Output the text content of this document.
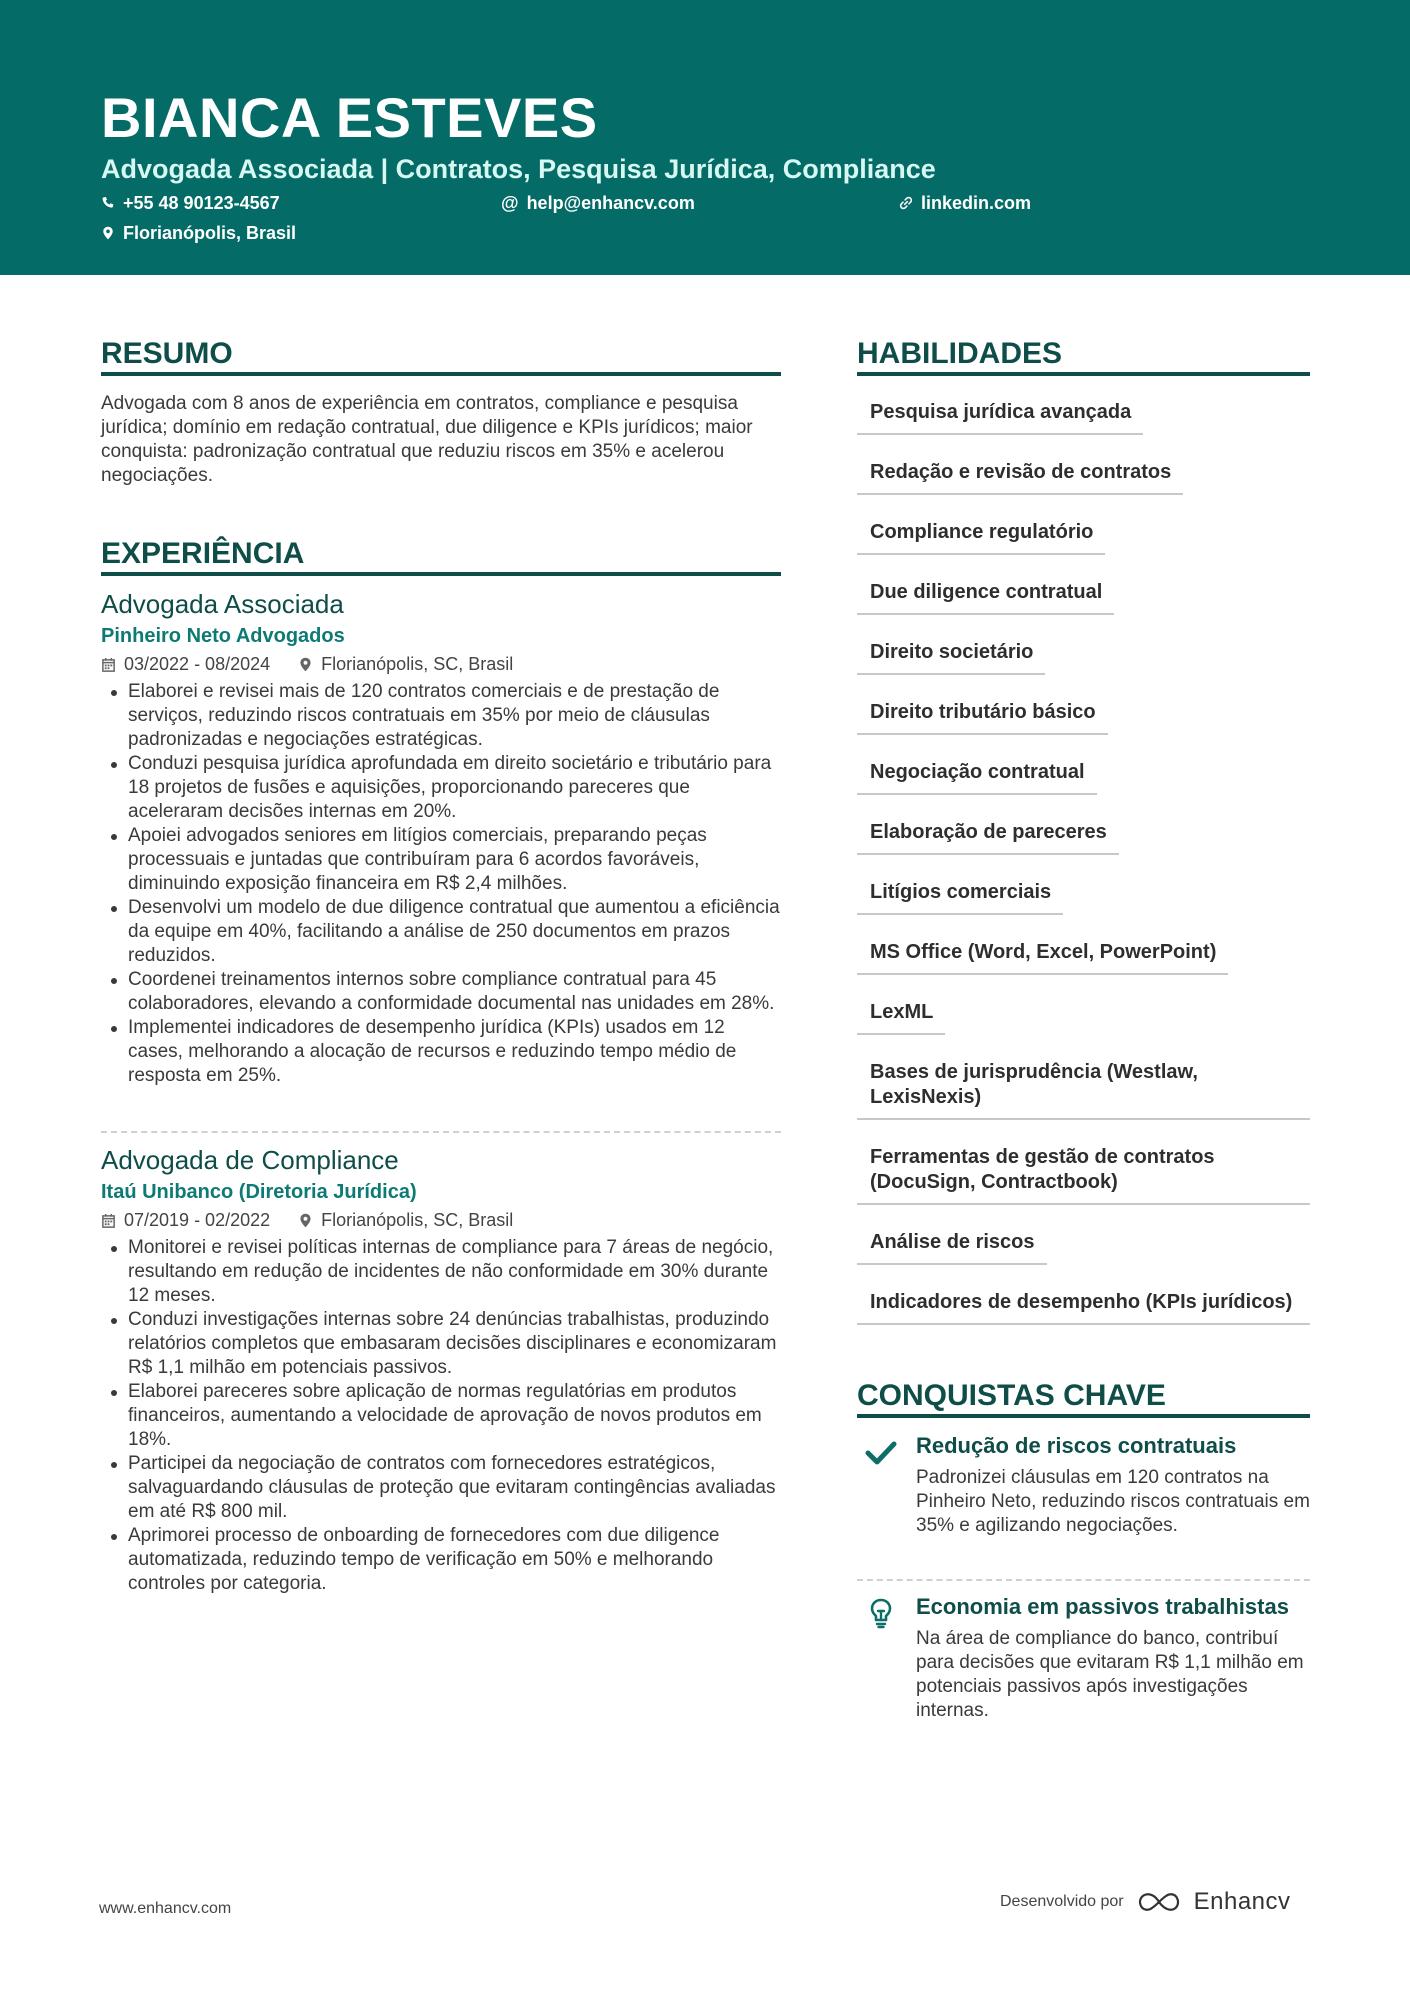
BIANCA ESTEVES
Advogada Associada | Contratos, Pesquisa Jurídica, Compliance
+55 48 90123-4567	@ help@enhancv.com	linkedin.com
Florianópolis, Brasil
RESUMO
Advogada com 8 anos de experiência em contratos, compliance e pesquisa jurídica; domínio em redação contratual, due diligence e KPIs jurídicos; maior conquista: padronização contratual que reduziu riscos em 35% e acelerou negociações.
EXPERIÊNCIA
Advogada Associada
Pinheiro Neto Advogados
03/2022 - 08/2024	Florianópolis, SC, Brasil
Elaborei e revisei mais de 120 contratos comerciais e de prestação de serviços, reduzindo riscos contratuais em 35% por meio de cláusulas padronizadas e negociações estratégicas.
Conduzi pesquisa jurídica aprofundada em direito societário e tributário para 18 projetos de fusões e aquisições, proporcionando pareceres que aceleraram decisões internas em 20%.
Apoiei advogados seniores em litígios comerciais, preparando peças processuais e juntadas que contribuíram para 6 acordos favoráveis, diminuindo exposição financeira em R$ 2,4 milhões.
Desenvolvi um modelo de due diligence contratual que aumentou a eficiência da equipe em 40%, facilitando a análise de 250 documentos em prazos reduzidos.
Coordenei treinamentos internos sobre compliance contratual para 45 colaboradores, elevando a conformidade documental nas unidades em 28%.
Implementei indicadores de desempenho jurídica (KPIs) usados em 12 cases, melhorando a alocação de recursos e reduzindo tempo médio de resposta em 25%.
Advogada de Compliance
Itaú Unibanco (Diretoria Jurídica)
07/2019 - 02/2022	Florianópolis, SC, Brasil
Monitorei e revisei políticas internas de compliance para 7 áreas de negócio, resultando em redução de incidentes de não conformidade em 30% durante 12 meses.
Conduzi investigações internas sobre 24 denúncias trabalhistas, produzindo relatórios completos que embasaram decisões disciplinares e economizaram R$ 1,1 milhão em potenciais passivos.
Elaborei pareceres sobre aplicação de normas regulatórias em produtos financeiros, aumentando a velocidade de aprovação de novos produtos em 18%.
Participei da negociação de contratos com fornecedores estratégicos, salvaguardando cláusulas de proteção que evitaram contingências avaliadas em até R$ 800 mil.
Aprimorei processo de onboarding de fornecedores com due diligence automatizada, reduzindo tempo de verificação em 50% e melhorando controles por categoria.
HABILIDADES
Pesquisa jurídica avançada
Redação e revisão de contratos
Compliance regulatório
Due diligence contratual
Direito societário
Direito tributário básico
Negociação contratual
Elaboração de pareceres
Litígios comerciais
MS Office (Word, Excel, PowerPoint)
LexML
Bases de jurisprudência (Westlaw, LexisNexis)
Ferramentas de gestão de contratos (DocuSign, Contractbook)
Análise de riscos
Indicadores de desempenho (KPIs jurídicos)
CONQUISTAS CHAVE
Redução de riscos contratuais
Padronizei cláusulas em 120 contratos na Pinheiro Neto, reduzindo riscos contratuais em 35% e agilizando negociações.
Economia em passivos trabalhistas
Na área de compliance do banco, contribuí para decisões que evitaram R$ 1,1 milhão em potenciais passivos após investigações internas.
www.enhancv.com	Desenvolvido por	Enhancv
